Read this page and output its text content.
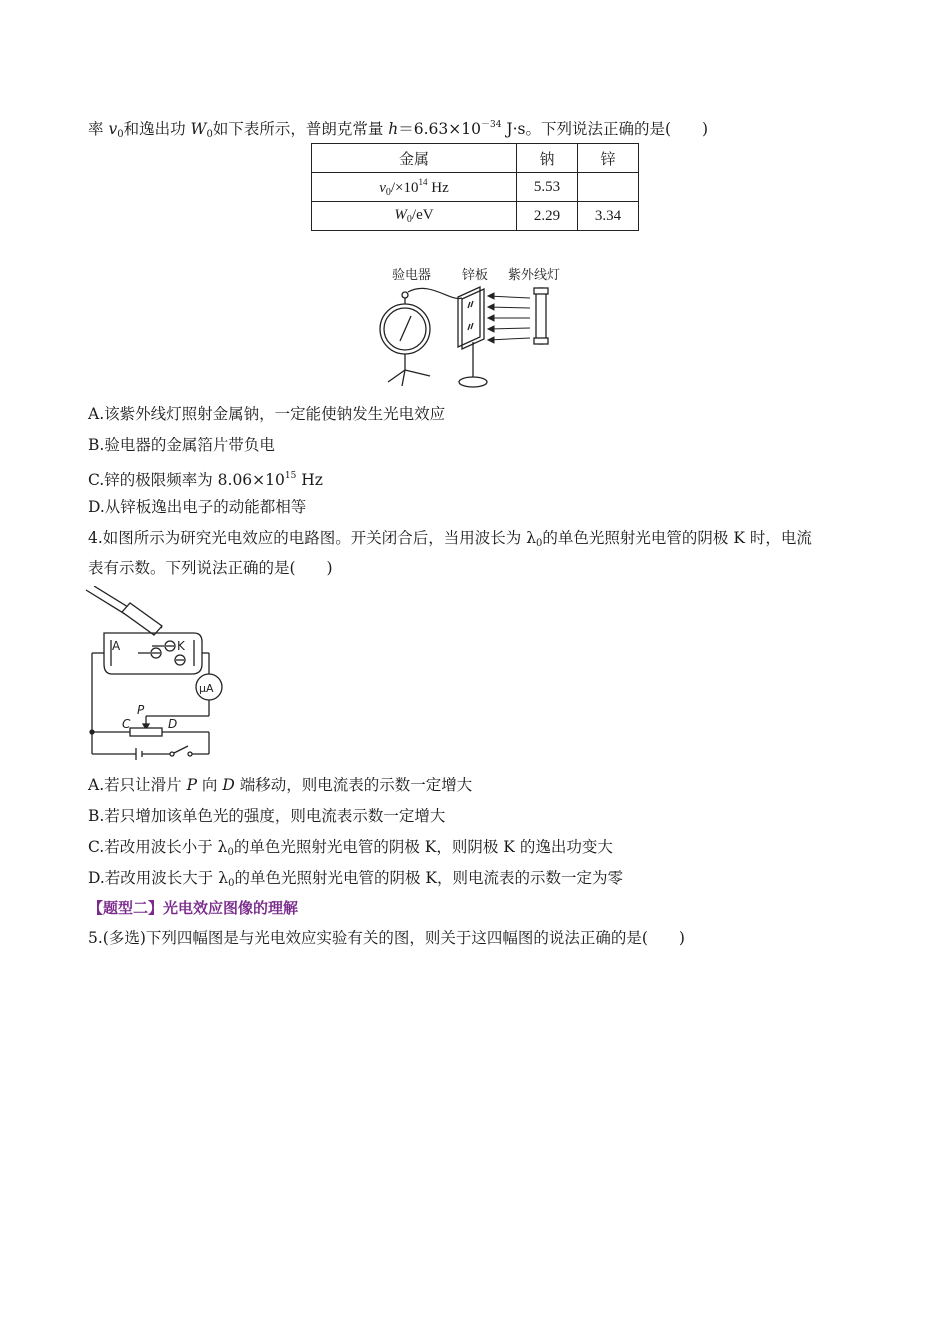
率 $v_0$和逸出功 $W_0$如下表所示，普朗克常量 $h=6.63\times 10^{-34}$ J·s。下列说法正确的是(　　)
金属	钠	锌
$v_0/\times 10^{14}$ Hz	5.53	
$W_0/eV$	2.29	3.34
验电器 锌板 紫外线灯
A.该紫外线灯照射金属钠，一定能使钠发生光电效应
B.验电器的金属箔片带负电
C.锌的极限频率为 $8.06\times 10^{15}$ Hz
D.从锌板逸出电子的动能都相等
4.如图所示为研究光电效应的电路图。开关闭合后，当用波长为 $\lambda_0$的单色光照射光电管的阴极 K 时，电流
表有示数。下列说法正确的是(　　)
A	K
μA
P
C	D
A.若只让滑片 P 向 D 端移动，则电流表的示数一定增大
B.若只增加该单色光的强度，则电流表示数一定增大
C.若改用波长小于 $\lambda_0$的单色光照射光电管的阴极 K，则阴极 K 的逸出功变大
D.若改用波长大于 $\lambda_0$的单色光照射光电管的阴极 K，则电流表的示数一定为零
【题型二】光电效应图像的理解
5.(多选)下列四幅图是与光电效应实验有关的图，则关于这四幅图的说法正确的是(　　)
